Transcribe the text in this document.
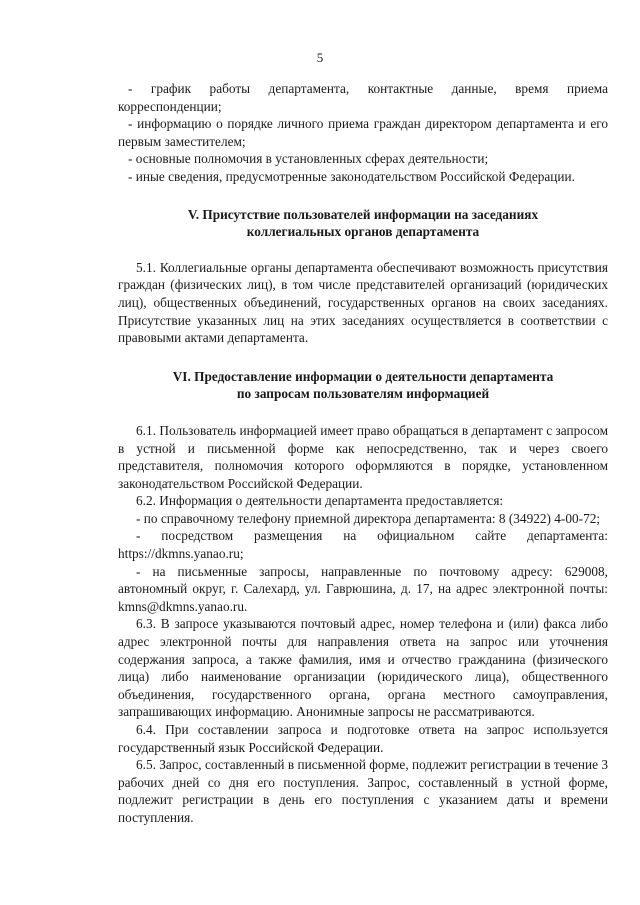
5

- график работы департамента, контактные данные, время приема корреспонденции;

- информацию о порядке личного приема граждан директором департамента и его первым заместителем;

- основные полномочия в установленных сферах деятельности;

- иные сведения, предусмотренные законодательством Российской Федерации.

V. Присутствие пользователей информации на заседаниях
коллегиальных органов департамента

5.1. Коллегиальные органы департамента обеспечивают возможность присутствия граждан (физических лиц), в том числе представителей организаций (юридических лиц), общественных объединений, государственных органов на своих заседаниях. Присутствие указанных лиц на этих заседаниях осуществляется в соответствии с правовыми актами департамента.

VI. Предоставление информации о деятельности департамента
по запросам пользователям информацией

6.1. Пользователь информацией имеет право обращаться в департамент с запросом в устной и письменной форме как непосредственно, так и через своего представителя, полномочия которого оформляются в порядке, установленном законодательством Российской Федерации.

6.2. Информация о деятельности департамента предоставляется:

- по справочному телефону приемной директора департамента: 8 (34922) 4-00-72;

- посредством размещения на официальном сайте департамента: https://dkmns.yanao.ru;

- на письменные запросы, направленные по почтовому адресу: 629008, автономный округ, г. Салехард, ул. Гаврюшина, д. 17, на адрес электронной почты: kmns@dkmns.yanao.ru.

6.3. В запросе указываются почтовый адрес, номер телефона и (или) факса либо адрес электронной почты для направления ответа на запрос или уточнения содержания запроса, а также фамилия, имя и отчество гражданина (физического лица) либо наименование организации (юридического лица), общественного объединения, государственного органа, органа местного самоуправления, запрашивающих информацию. Анонимные запросы не рассматриваются.

6.4. При составлении запроса и подготовке ответа на запрос используется государственный язык Российской Федерации.

6.5. Запрос, составленный в письменной форме, подлежит регистрации в течение 3 рабочих дней со дня его поступления. Запрос, составленный в устной форме, подлежит регистрации в день его поступления с указанием даты и времени поступления.
